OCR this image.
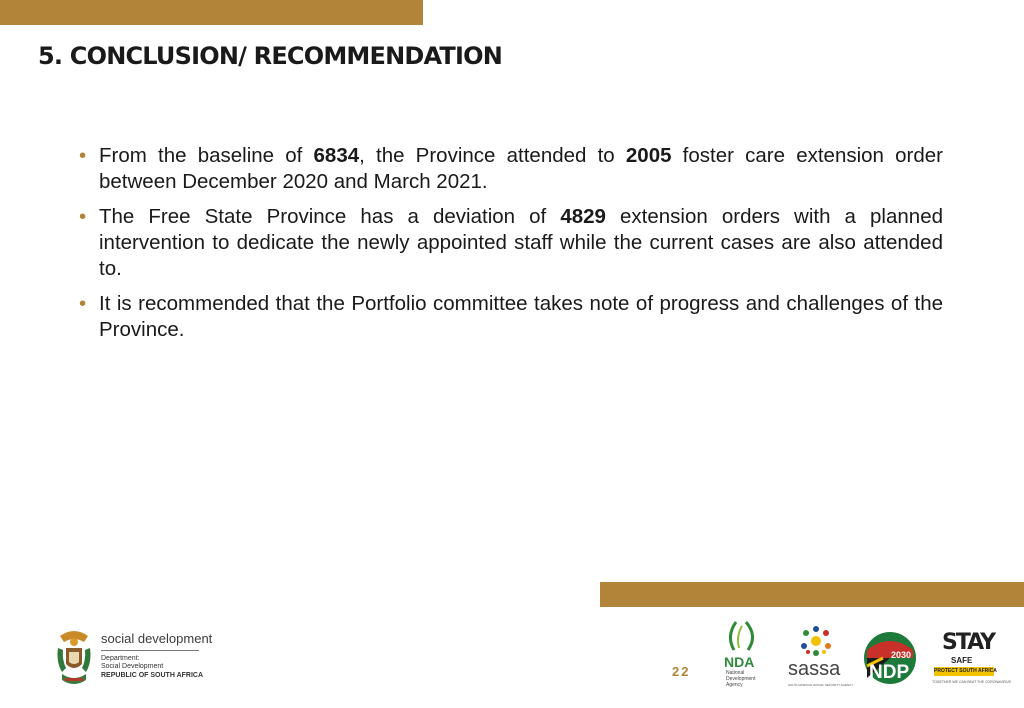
5. CONCLUSION/ RECOMMENDATION
• From the baseline of 6834, the Province attended to 2005 foster care extension order between December 2020 and March 2021.
• The Free State Province has a deviation of 4829 extension orders with a planned intervention to dedicate the newly appointed staff while the current cases are also attended to.
• It is recommended that the Portfolio committee takes note of progress and challenges of the Province.
social development
Department:
Social Development
REPUBLIC OF SOUTH AFRICA	22
NDA
National
Development
Agency
sassa
SOUTH AFRICAN SOCIAL SECURITY AGENCY
2030
NDP
STAY
SAFE
PROTECT SOUTH AFRICA
TOGETHER WE CAN BEAT THE CORONAVIRUS
